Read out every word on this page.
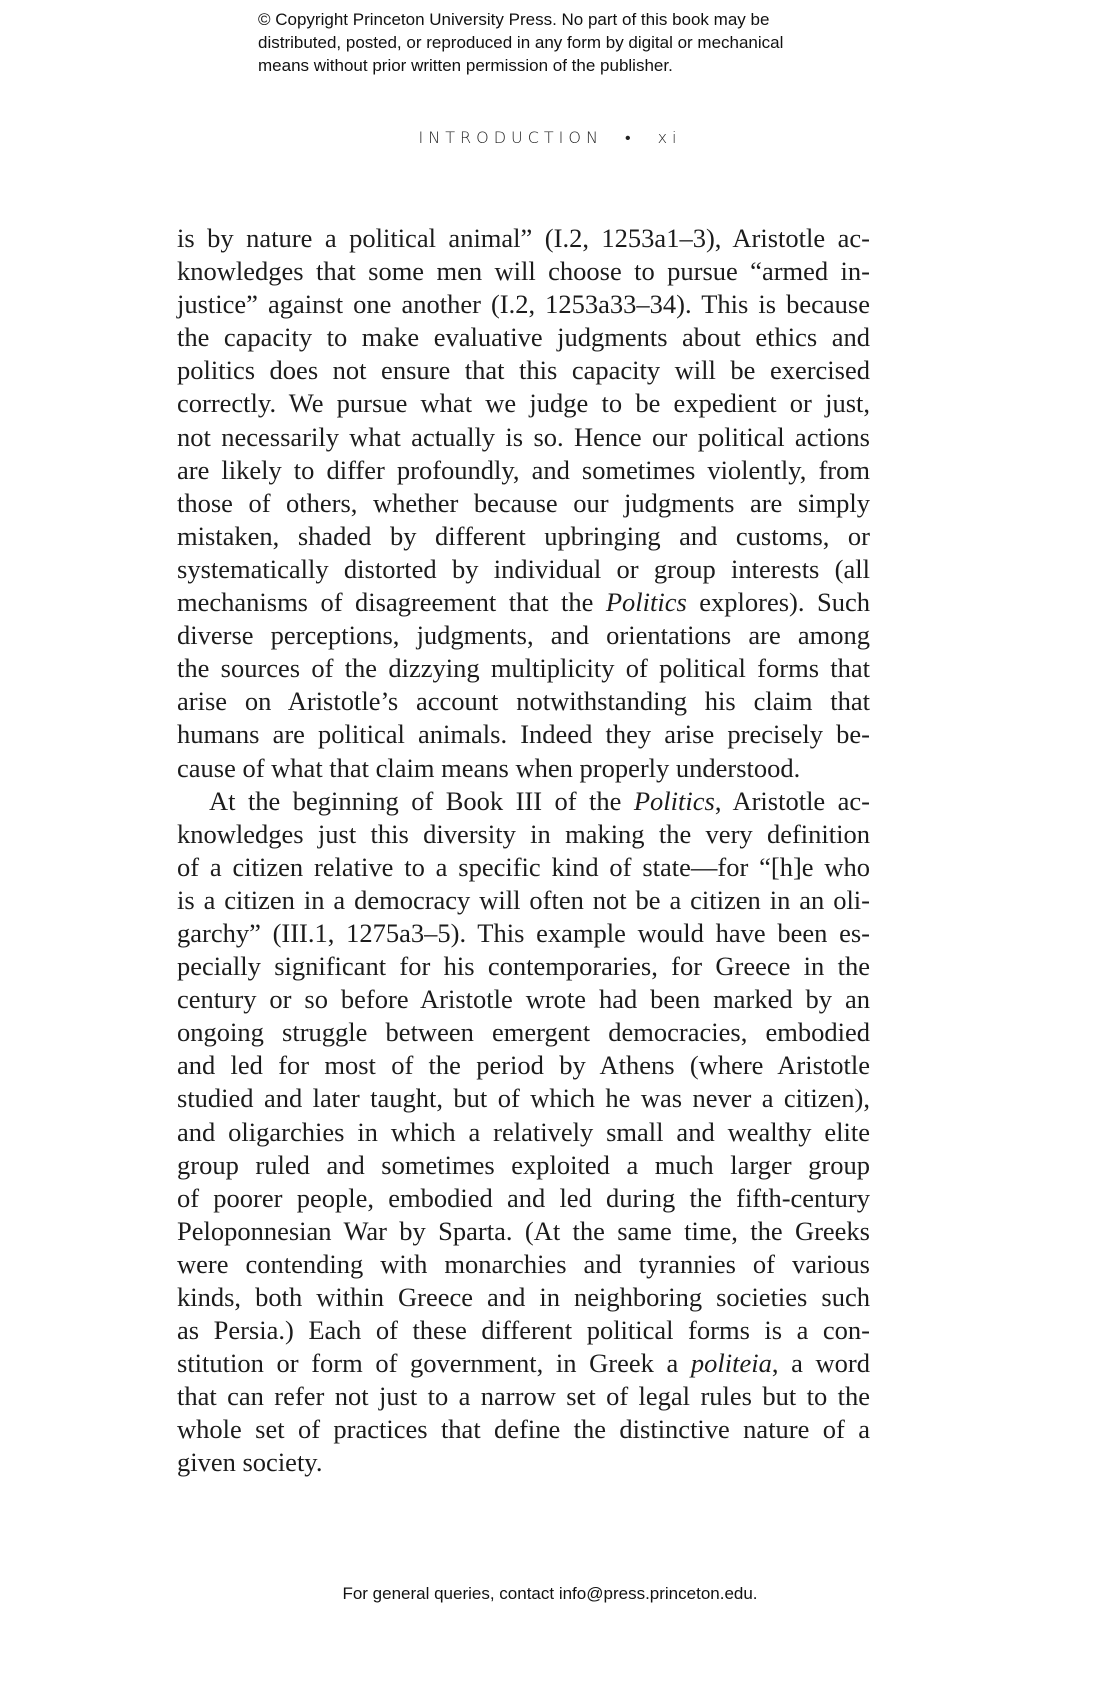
© Copyright Princeton University Press. No part of this book may be
distributed, posted, or reproduced in any form by digital or mechanical
means without prior written permission of the publisher.
INTRODUCTION • xi
is by nature a political animal” (I.2, 1253a1–3), Aristotle ac-
knowledges that some men will choose to pursue “armed in-
justice” against one another (I.2, 1253a33–34). This is because
the capacity to make evaluative judgments about ethics and
politics does not ensure that this capacity will be exercised
correctly. We pursue what we judge to be expedient or just,
not necessarily what actually is so. Hence our political actions
are likely to differ profoundly, and sometimes violently, from
those of others, whether because our judgments are simply
mistaken, shaded by different upbringing and customs, or
systematically distorted by individual or group interests (all
mechanisms of disagreement that the Politics explores). Such
diverse perceptions, judgments, and orientations are among
the sources of the dizzying multiplicity of political forms that
arise on Aristotle’s account notwithstanding his claim that
humans are political animals. Indeed they arise precisely be-
cause of what that claim means when properly understood.
At the beginning of Book III of the Politics, Aristotle ac-
knowledges just this diversity in making the very definition
of a citizen relative to a specific kind of state—for “[h]e who
is a citizen in a democracy will often not be a citizen in an oli-
garchy” (III.1, 1275a3–5). This example would have been es-
pecially significant for his contemporaries, for Greece in the
century or so before Aristotle wrote had been marked by an
ongoing struggle between emergent democracies, embodied
and led for most of the period by Athens (where Aristotle
studied and later taught, but of which he was never a citizen),
and oligarchies in which a relatively small and wealthy elite
group ruled and sometimes exploited a much larger group
of poorer people, embodied and led during the fifth-century
Peloponnesian War by Sparta. (At the same time, the Greeks
were contending with monarchies and tyrannies of various
kinds, both within Greece and in neighboring societies such
as Persia.) Each of these different political forms is a con-
stitution or form of government, in Greek a politeia, a word
that can refer not just to a narrow set of legal rules but to the
whole set of practices that define the distinctive nature of a
given society.
For general queries, contact info@press.princeton.edu.
